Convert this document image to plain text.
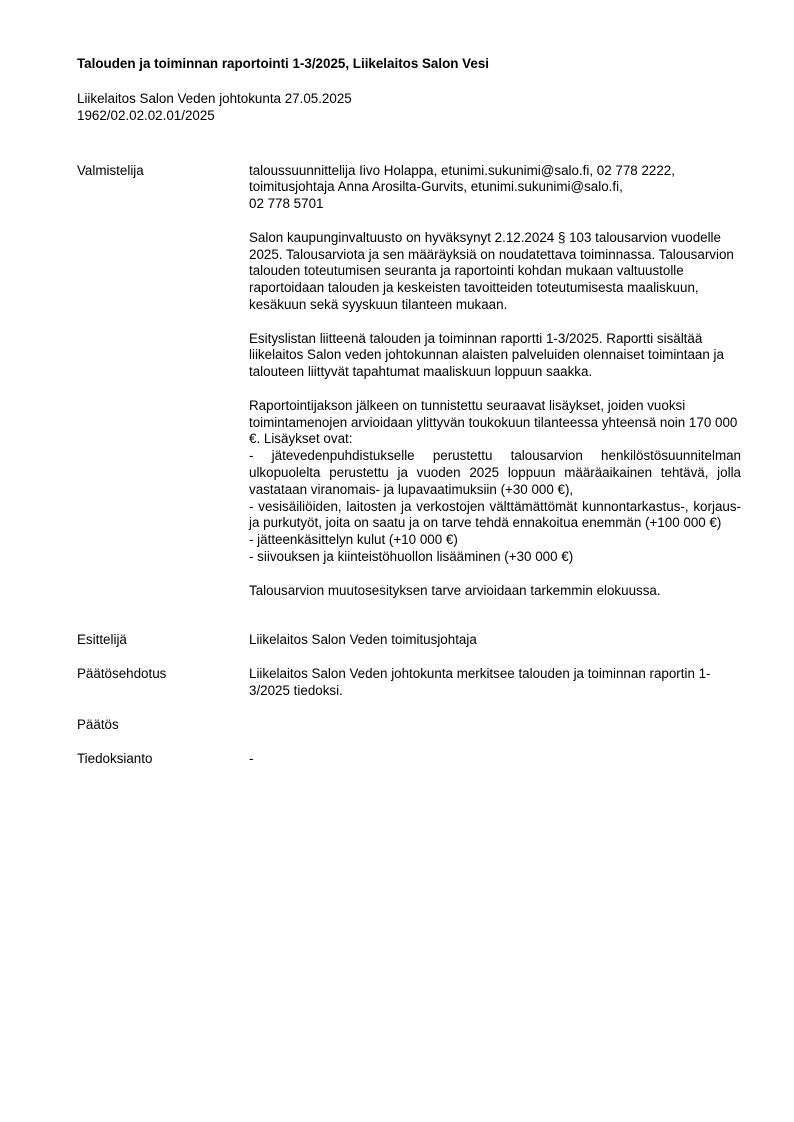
Talouden ja toiminnan raportointi 1-3/2025, Liikelaitos Salon Vesi
Liikelaitos Salon Veden johtokunta 27.05.2025
1962/02.02.02.01/2025
Valmistelija	taloussuunnittelija Iivo Holappa, etunimi.sukunimi@salo.fi, 02 778 2222,
toimitusjohtaja Anna Arosilta-Gurvits, etunimi.sukunimi@salo.fi,
02 778 5701

Salon kaupunginvaltuusto on hyväksynyt 2.12.2024 § 103 talousarvion vuodelle 2025. Talousarviota ja sen määräyksiä on noudatettava toiminnassa. Talousarvion talouden toteutumisen seuranta ja raportointi kohdan mukaan valtuustolle raportoidaan talouden ja keskeisten tavoitteiden toteutumisesta maaliskuun, kesäkuun sekä syyskuun tilanteen mukaan.

Esityslistan liitteenä talouden ja toiminnan raportti 1-3/2025. Raportti sisältää liikelaitos Salon veden johtokunnan alaisten palveluiden olennaiset toimintaan ja talouteen liittyvät tapahtumat maaliskuun loppuun saakka.

Raportointijakson jälkeen on tunnistettu seuraavat lisäykset, joiden vuoksi toimintamenojen arvioidaan ylittyvän toukokuun tilanteessa yhteensä noin 170 000 €. Lisäykset ovat:

- jätevedenpuhdistukselle perustettu talousarvion henkilöstösuunnitelman ulkopuolelta perustettu ja vuoden 2025 loppuun määräaikainen tehtävä, jolla vastataan viranomais- ja lupavaatimuksiin (+30 000 €),

- vesisäiliöiden, laitosten ja verkostojen välttämättömät kunnontarkastus-, korjaus- ja purkutyöt, joita on saatu ja on tarve tehdä ennakoitua enemmän (+100 000 €)

- jätteenkäsittelyn kulut (+10 000 €)

- siivouksen ja kiinteistöhuollon lisääminen (+30 000 €)

Talousarvion muutosesityksen tarve arvioidaan tarkemmin elokuussa.

Esittelijä	Liikelaitos Salon Veden toimitusjohtaja
Päätösehdotus	Liikelaitos Salon Veden johtokunta merkitsee talouden ja toiminnan raportin 1-3/2025 tiedoksi.
Päätös
Tiedoksianto	-
